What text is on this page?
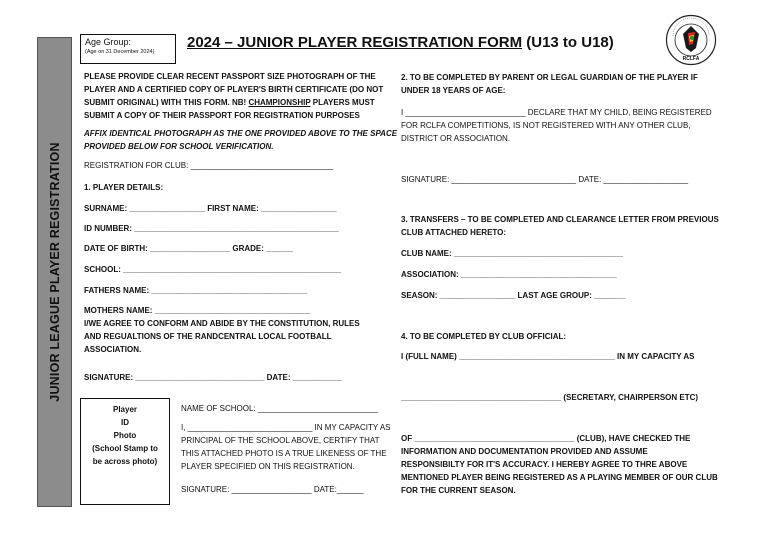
JUNIOR LEAGUE PLAYER REGISTRATION
Age Group:
(Age on 31 December 2024)
2024 – JUNIOR PLAYER REGISTRATION FORM (U13 to U18)
RCLFA
PLEASE PROVIDE CLEAR RECENT PASSPORT SIZE PHOTOGRAPH OF THE
PLAYER AND A CERTIFIED COPY OF PLAYER'S BIRTH CERTIFICATE (DO NOT
SUBMIT ORIGINAL) WITH THIS FORM. NB! CHAMPIONSHIP PLAYERS MUST
SUBMIT A COPY OF THEIR PASSPORT FOR REGISTRATION PURPOSES
AFFIX IDENTICAL PHOTOGRAPH AS THE ONE PROVIDED ABOVE TO THE SPACE
PROVIDED BELOW FOR SCHOOL VERIFICATION.
REGISTRATION FOR CLUB: ________________________________
1. PLAYER DETAILS:
SURNAME: _________________ FIRST NAME: _________________
ID NUMBER: ______________________________________________
DATE OF BIRTH: __________________ GRADE: ______
SCHOOL: _________________________________________________
FATHERS NAME: ___________________________________
MOTHERS NAME: ___________________________________
I/WE AGREE TO CONFORM AND ABIDE BY THE CONSTITUTION, RULES
AND REGUALTIONS OF THE RANDCENTRAL LOCAL FOOTBALL
ASSOCIATION.
SIGNATURE: _____________________________ DATE: ___________
Player
ID
Photo
(School Stamp to
be across photo)
NAME OF SCHOOL: ___________________________
I, ____________________________ IN MY CAPACITY AS
PRINCIPAL OF THE SCHOOL ABOVE, CERTIFY THAT
THIS ATTACHED PHOTO IS A TRUE LIKENESS OF THE
PLAYER SPECIFIED ON THIS REGISTRATION.
SIGNATURE: __________________ DATE:______
2. TO BE COMPLETED BY PARENT OR LEGAL GUARDIAN OF THE PLAYER IF
UNDER 18 YEARS OF AGE:
I ___________________________ DECLARE THAT MY CHILD, BEING REGISTERED
FOR RCLFA COMPETITIONS, IS NOT REGISTERED WITH ANY OTHER CLUB,
DISTRICT OR ASSOCIATION.
SIGNATURE: ____________________________ DATE: ___________________
3. TRANSFERS – TO BE COMPLETED AND CLEARANCE LETTER FROM PREVIOUS
CLUB ATTACHED HERETO:
CLUB NAME: ______________________________________
ASSOCIATION: ___________________________________
SEASON: _________________ LAST AGE GROUP: _______
4. TO BE COMPLETED BY CLUB OFFICIAL:
I (FULL NAME) ___________________________________ IN MY CAPACITY AS
____________________________________ (SECRETARY, CHAIRPERSON ETC)
OF ____________________________________ (CLUB), HAVE CHECKED THE
INFORMATION AND DOCUMENTATION PROVIDED AND ASSUME
RESPONSIBILTY FOR IT'S ACCURACY. I HEREBY AGREE TO THRE ABOVE
MENTIONED PLAYER BEING REGISTERED AS A PLAYING MEMBER OF OUR CLUB
FOR THE CURRENT SEASON.
